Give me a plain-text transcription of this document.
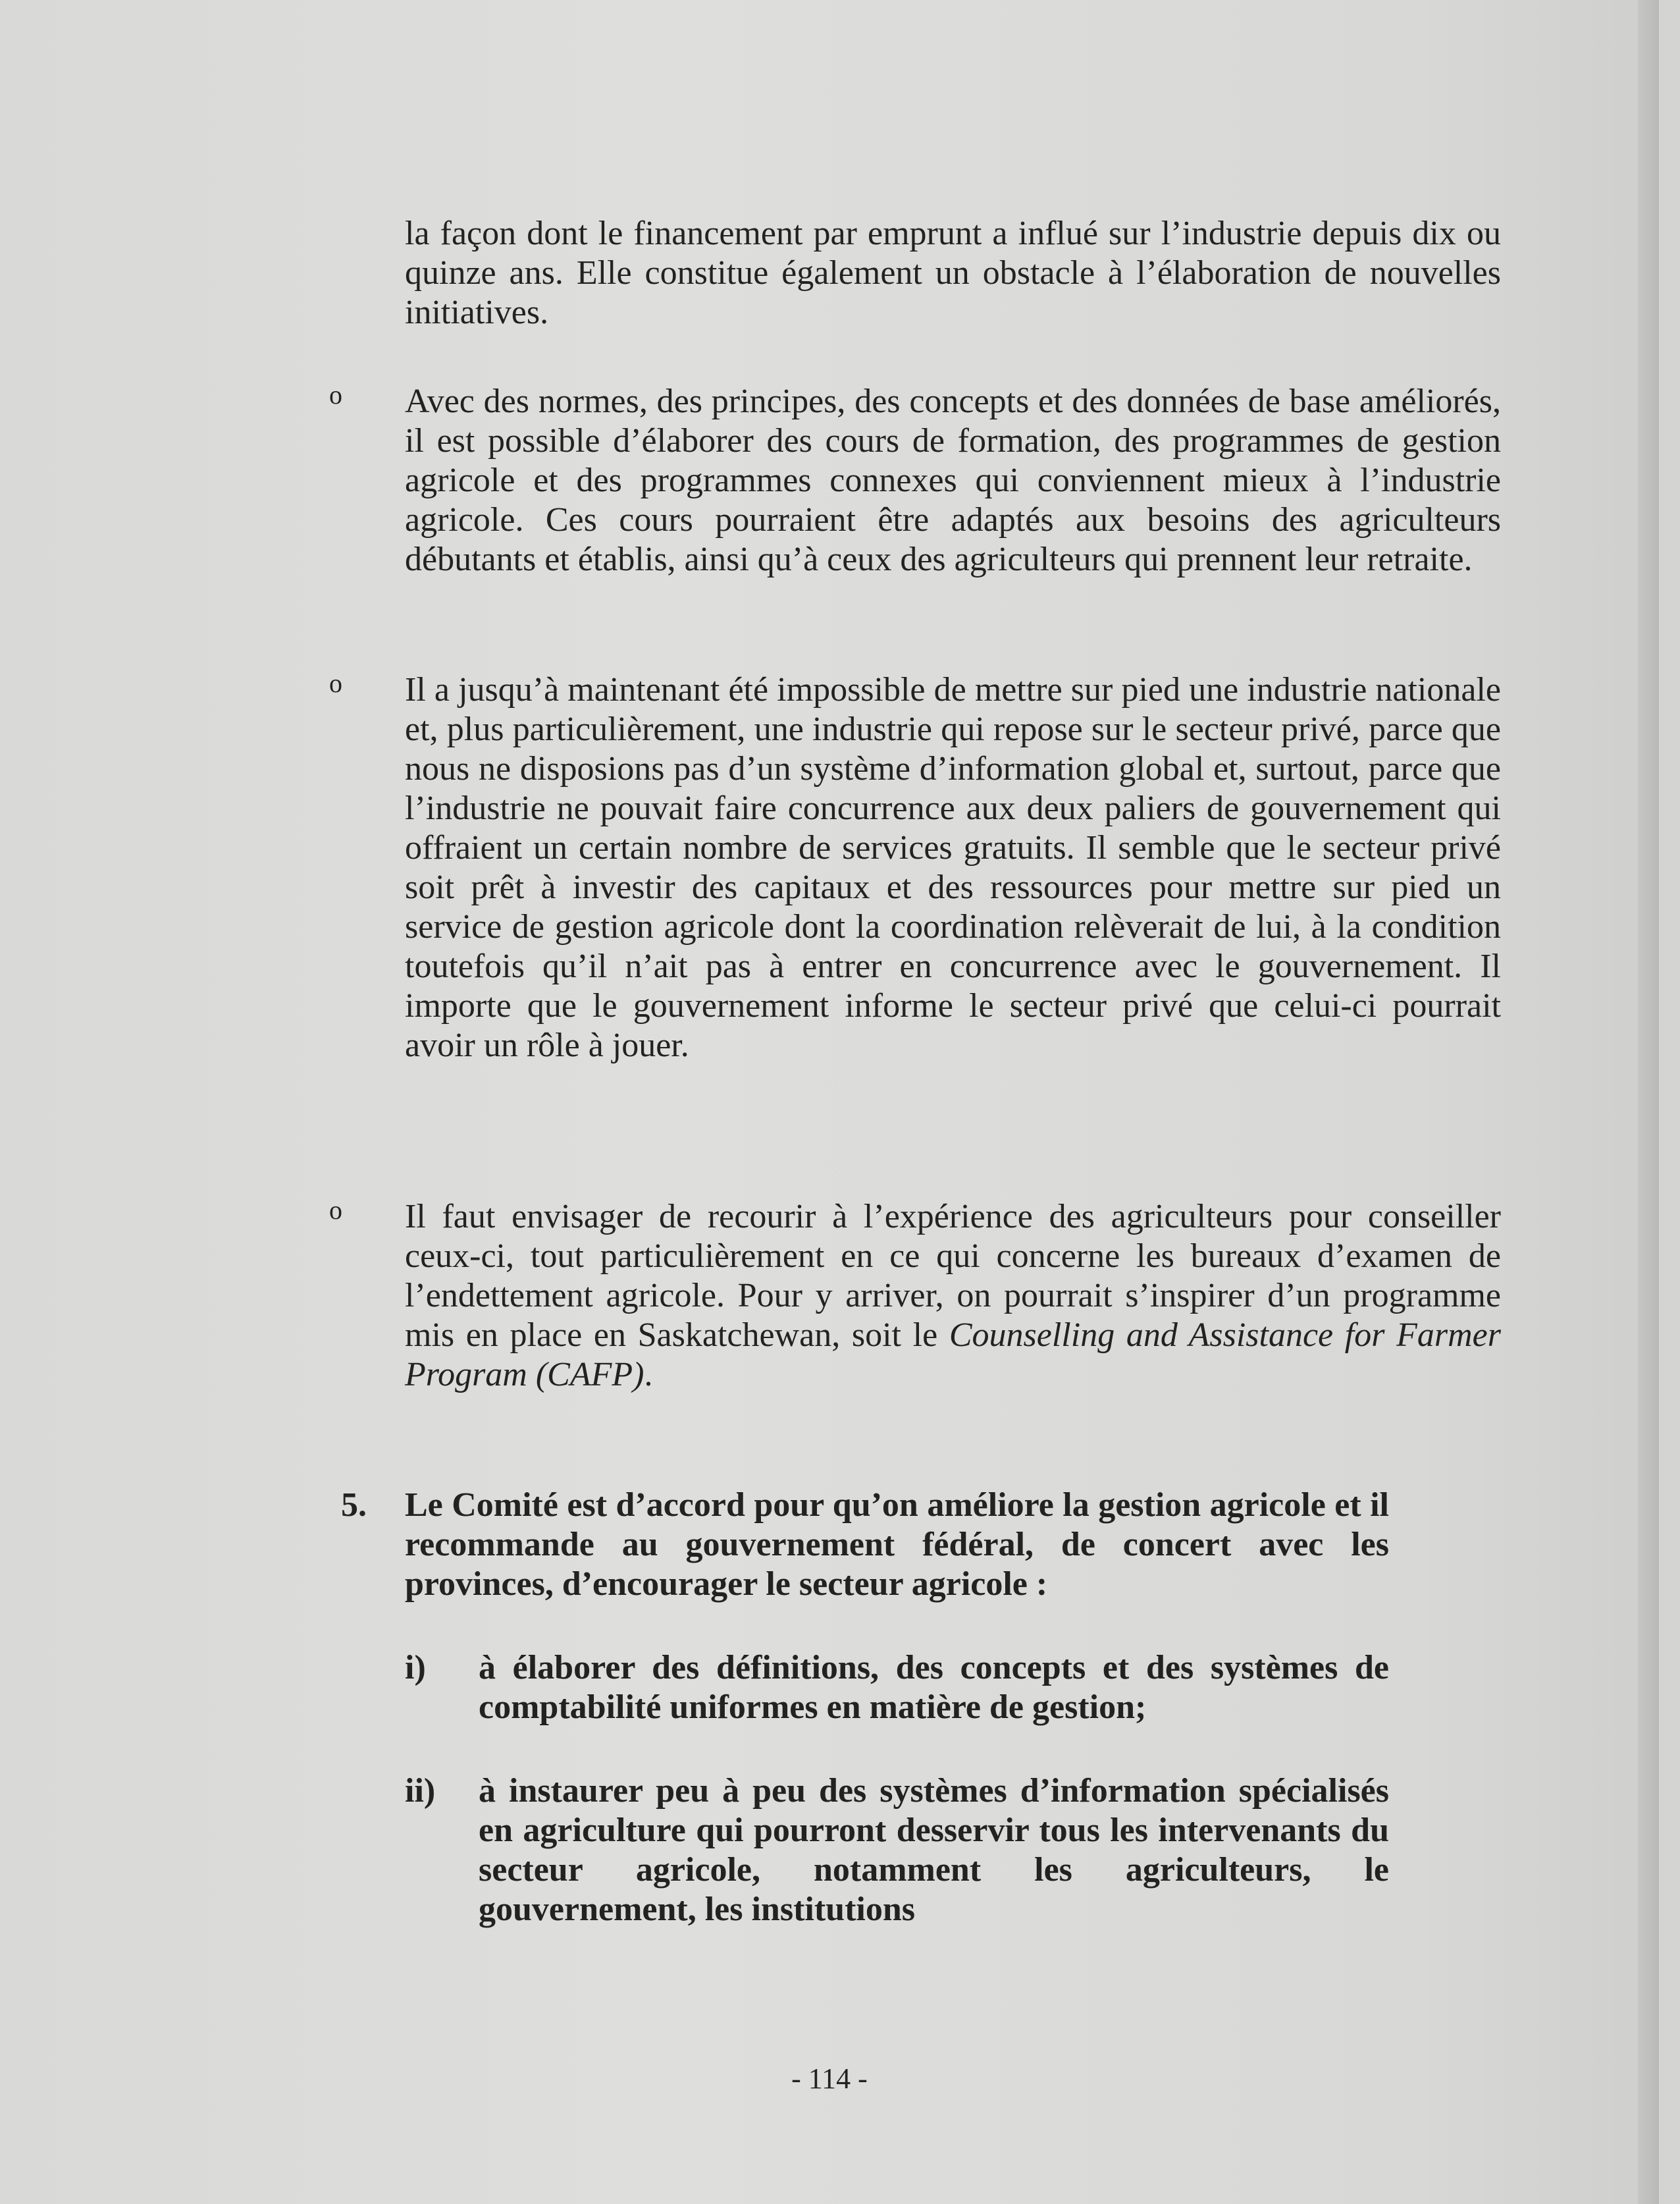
la façon dont le financement par emprunt a influé sur l’industrie depuis dix ou quinze ans. Elle constitue également un obstacle à l’élaboration de nouvelles initiatives.

o Avec des normes, des principes, des concepts et des données de base améliorés, il est possible d’élaborer des cours de formation, des programmes de gestion agricole et des programmes connexes qui conviennent mieux à l’industrie agricole. Ces cours pourraient être adaptés aux besoins des agriculteurs débutants et établis, ainsi qu’à ceux des agriculteurs qui prennent leur retraite.

o Il a jusqu’à maintenant été impossible de mettre sur pied une industrie nationale et, plus particulièrement, une industrie qui repose sur le secteur privé, parce que nous ne disposions pas d’un système d’information global et, surtout, parce que l’industrie ne pouvait faire concurrence aux deux paliers de gouvernement qui offraient un certain nombre de services gratuits. Il semble que le secteur privé soit prêt à investir des capitaux et des ressources pour mettre sur pied un service de gestion agricole dont la coordination relèverait de lui, à la condition toutefois qu’il n’ait pas à entrer en concurrence avec le gouvernement. Il importe que le gouvernement informe le secteur privé que celui-ci pourrait avoir un rôle à jouer.

o Il faut envisager de recourir à l’expérience des agriculteurs pour conseiller ceux-ci, tout particulièrement en ce qui concerne les bureaux d’examen de l’endettement agricole. Pour y arriver, on pourrait s’inspirer d’un programme mis en place en Saskatchewan, soit le Counselling and Assistance for Farmer Program (CAFP).

5. Le Comité est d’accord pour qu’on améliore la gestion agricole et il recommande au gouvernement fédéral, de concert avec les provinces, d’encourager le secteur agricole :

i) à élaborer des définitions, des concepts et des systèmes de comptabilité uniformes en matière de gestion;

ii) à instaurer peu à peu des systèmes d’information spécialisés en agriculture qui pourront desservir tous les intervenants du secteur agricole, notamment les agriculteurs, le gouvernement, les institutions

- 114 -
